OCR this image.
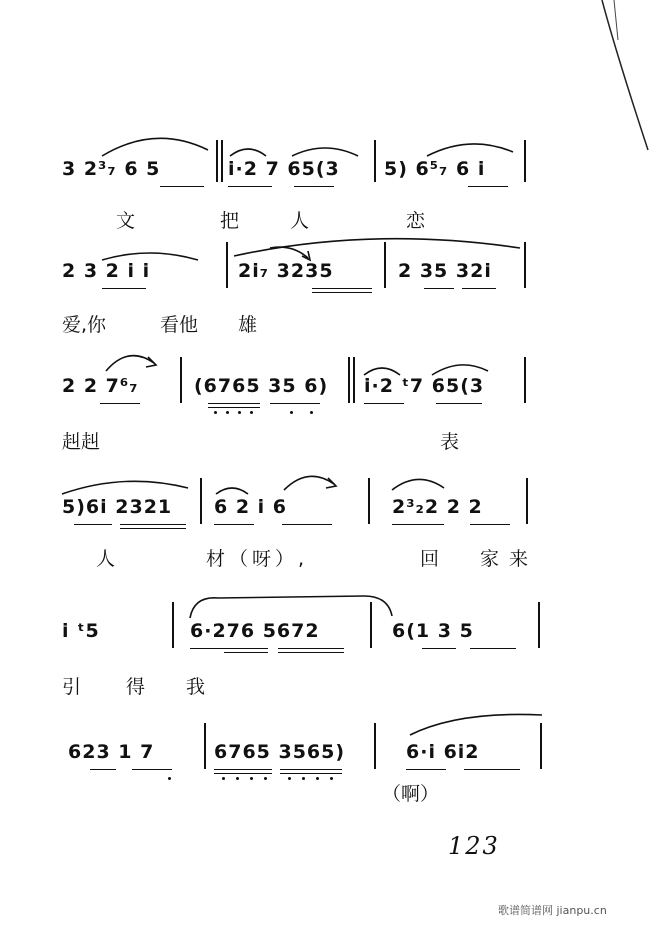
3 2³₇ 6 5	i·2 7 65(3 5) 6⁵₇ 6 i
文	把	人	恋
2 3 2 i i	2i₇ 3235	2 35 32i
爱,你	看他 雄
2 2 7⁶₇	(6765 35 6) i·2 ᵗ7 65(3
赳赳	表
5)6i 2321 6 2 i 6	2³₂2 2 2
人	材（呀）,	回 家来
i ᵗ5	6·276 5672	6(1 3 5
引 得 我
623 1 7	6765 3565)	6·i 6i2
（啊）
123
歌谱简谱网 jianpu.cn
